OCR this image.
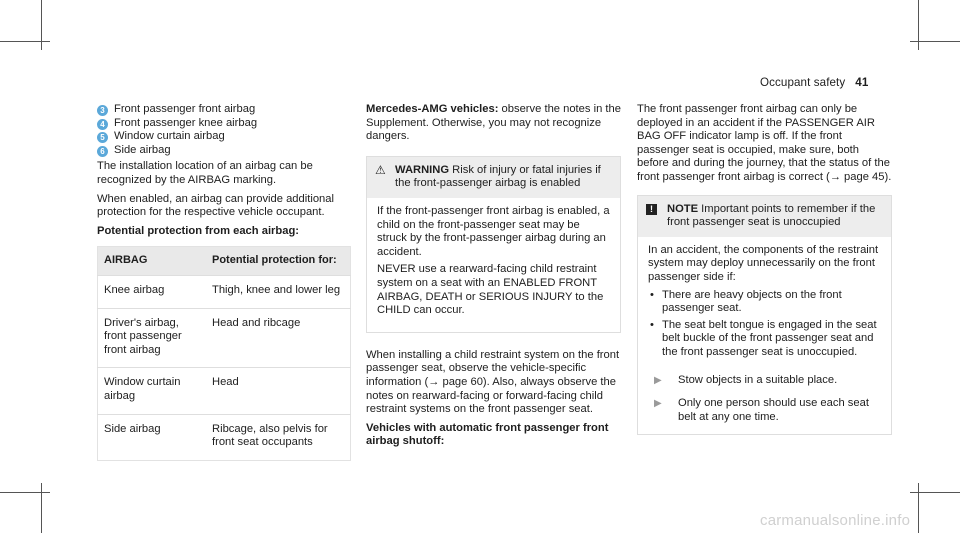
Occupant safety 41
3 Front passenger front airbag
4 Front passenger knee airbag
5 Window curtain airbag
6 Side airbag

The installation location of an airbag can be recognized by the AIRBAG marking.

When enabled, an airbag can provide additional protection for the respective vehicle occupant.

Potential protection from each airbag:
AIRBAG	Potential protection for:
Knee airbag	Thigh, knee and lower leg
Driver's airbag, front passenger front airbag	Head and ribcage
Window curtain airbag	Head
Side airbag	Ribcage, also pelvis for front seat occupants

Mercedes-AMG vehicles: observe the notes in the Supplement. Otherwise, you may not recognize dangers.

⚠ WARNING Risk of injury or fatal injuries if the front-passenger airbag is enabled

If the front-passenger front airbag is enabled, a child on the front-passenger seat may be struck by the front-passenger airbag during an accident.

NEVER use a rearward-facing child restraint system on a seat with an ENABLED FRONT AIRBAG, DEATH or SERIOUS INJURY to the CHILD can occur.

When installing a child restraint system on the front passenger seat, observe the vehicle-specific information (→ page 60). Also, always observe the notes on rearward-facing or forward-facing child restraint systems on the front passenger seat.

Vehicles with automatic front passenger front airbag shutoff:

The front passenger front airbag can only be deployed in an accident if the PASSENGER AIR BAG OFF indicator lamp is off. If the front passenger seat is occupied, make sure, both before and during the journey, that the status of the front passenger front airbag is correct (→ page 45).

!	NOTE Important points to remember if the front passenger seat is unoccupied

In an accident, the components of the restraint system may deploy unnecessarily on the front passenger side if:

• There are heavy objects on the front passenger seat.
• The seat belt tongue is engaged in the seat belt buckle of the front passenger seat and the front passenger seat is unoccupied.
▶	Stow objects in a suitable place.
▶	Only one person should use each seat belt at any one time.
carmanualsonline.info
